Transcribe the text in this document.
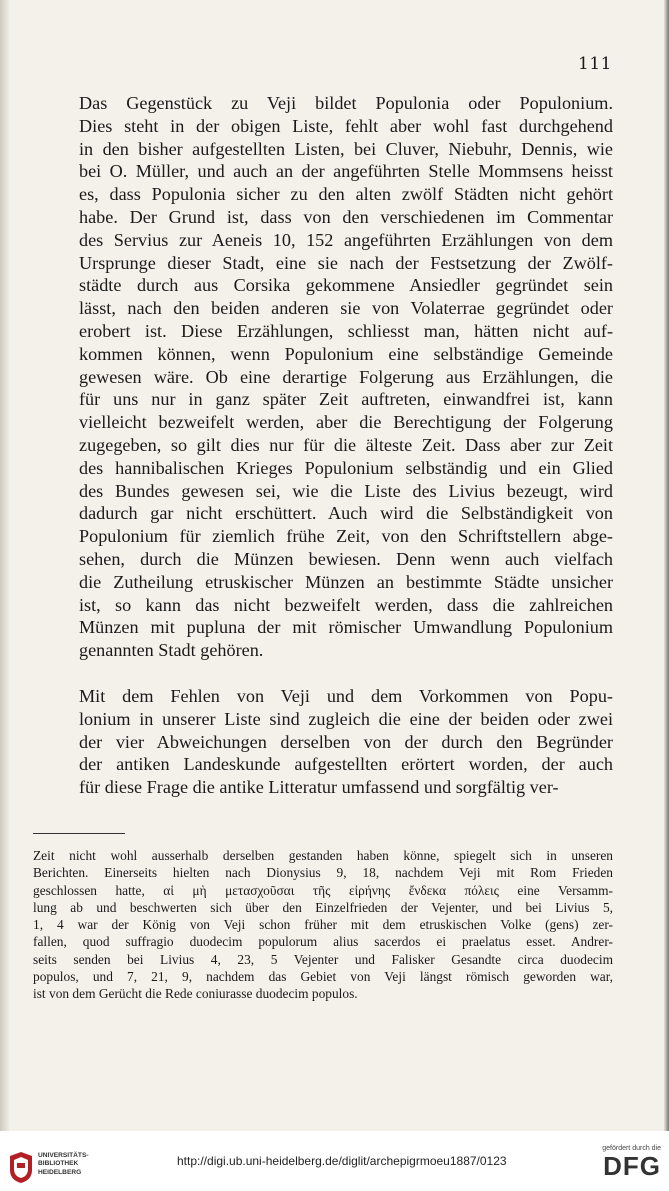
111

Das Gegenstück zu Veji bildet Populonia oder Populonium.
Dies steht in der obigen Liste, fehlt aber wohl fast durchgehend
in den bisher aufgestellten Listen, bei Cluver, Niebuhr, Dennis, wie
bei O. Müller, und auch an der angeführten Stelle Mommsens heisst
es, dass Populonia sicher zu den alten zwölf Städten nicht gehört
habe. Der Grund ist, dass von den verschiedenen im Commentar
des Servius zur Aeneis 10, 152 angeführten Erzählungen von dem
Ursprunge dieser Stadt, eine sie nach der Festsetzung der Zwölf-
städte durch aus Corsika gekommene Ansiedler gegründet sein
lässt, nach den beiden anderen sie von Volaterrae gegründet oder
erobert ist. Diese Erzählungen, schliesst man, hätten nicht auf-
kommen können, wenn Populonium eine selbständige Gemeinde
gewesen wäre. Ob eine derartige Folgerung aus Erzählungen, die
für uns nur in ganz später Zeit auftreten, einwandfrei ist, kann
vielleicht bezweifelt werden, aber die Berechtigung der Folgerung
zugegeben, so gilt dies nur für die älteste Zeit. Dass aber zur Zeit
des hannibalischen Krieges Populonium selbständig und ein Glied
des Bundes gewesen sei, wie die Liste des Livius bezeugt, wird
dadurch gar nicht erschüttert. Auch wird die Selbständigkeit von
Populonium für ziemlich frühe Zeit, von den Schriftstellern abge-
sehen, durch die Münzen bewiesen. Denn wenn auch vielfach
die Zutheilung etruskischer Münzen an bestimmte Städte unsicher
ist, so kann das nicht bezweifelt werden, dass die zahlreichen
Münzen mit pupluna der mit römischer Umwandlung Populonium
genannten Stadt gehören.

Mit dem Fehlen von Veji und dem Vorkommen von Popu-
lonium in unserer Liste sind zugleich die eine der beiden oder zwei
der vier Abweichungen derselben von der durch den Begründer
der antiken Landeskunde aufgestellten erörtert worden, der auch
für diese Frage die antike Litteratur umfassend und sorgfältig ver-

Zeit nicht wohl ausserhalb derselben gestanden haben könne, spiegelt sich in unseren
Berichten. Einerseits hielten nach Dionysius 9, 18, nachdem Veji mit Rom Frieden
geschlossen hatte, αἱ μὴ μετασχοῦσαι τῆς εἰρήνης ἔνδεκα πόλεις eine Versamm-
lung ab und beschwerten sich über den Einzelfrieden der Vejenter, und bei Livius 5,
1, 4 war der König von Veji schon früher mit dem etruskischen Volke (gens) zer-
fallen, quod suffragio duodecim populorum alius sacerdos ei praelatus esset. Andrer-
seits senden bei Livius 4, 23, 5 Vejenter und Falisker Gesandte circa duodecim
populos, und 7, 21, 9, nachdem das Gebiet von Veji längst römisch geworden war,
ist von dem Gerücht die Rede coniurasse duodecim populos.
UNIVERSITÄTS-
BIBLIOTHEK
HEIDELBERG
http://digi.ub.uni-heidelberg.de/diglit/archepigrmoeu1887/0123
gefördert durch die
DFG
